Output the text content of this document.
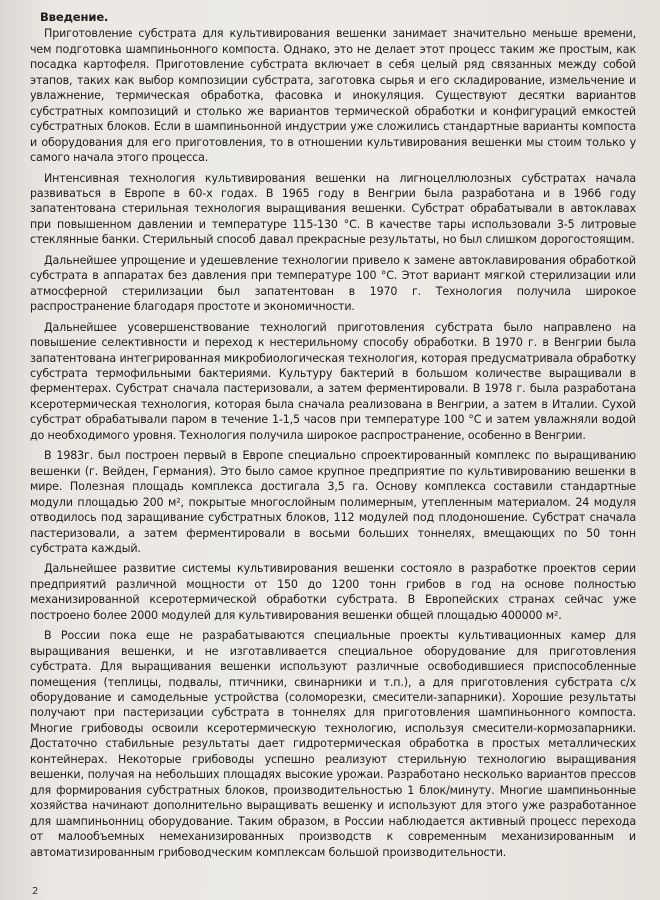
Введение.

Приготовление субстрата для культивирования вешенки занимает значительно меньше времени, чем подготовка шампиньонного компоста. Однако, это не делает этот процесс таким же простым, как посадка картофеля. Приготовление субстрата включает в себя целый ряд связанных между собой этапов, таких как выбор композиции субстрата, заготовка сырья и его складирование, измельчение и увлажнение, термическая обработка, фасовка и инокуляция. Существуют десятки вариантов субстратных композиций и столько же вариантов термической обработки и конфигураций емкостей субстратных блоков. Если в шампиньонной индустрии уже сложились стандартные варианты компоста и оборудования для его приготовления, то в отношении культивирования вешенки мы стоим только у самого начала этого процесса.

Интенсивная технология культивирования вешенки на лигноцеллюлозных субстратах начала развиваться в Европе в 60-х годах. В 1965 году в Венгрии была разработана и в 1966 году запатентована стерильная технология выращивания вешенки. Субстрат обрабатывали в автоклавах при повышенном давлении и температуре 115-130 °С. В качестве тары использовали 3-5 литровые стеклянные банки. Стерильный способ давал прекрасные результаты, но был слишком дорогостоящим.

Дальнейшее упрощение и удешевление технологии привело к замене автоклавирования обработкой субстрата в аппаратах без давления при температуре 100 °С. Этот вариант мягкой стерилизации или атмосферной стерилизации был запатентован в 1970 г. Технология получила широкое распространение благодаря простоте и экономичности.

Дальнейшее усовершенствование технологий приготовления субстрата было направлено на повышение селективности и переход к нестерильному способу обработки. В 1970 г. в Венгрии была запатентована интегрированная микробиологическая технология, которая предусматривала обработку субстрата термофильными бактериями. Культуру бактерий в большом количестве выращивали в ферментерах. Субстрат сначала пастеризовали, а затем ферментировали. В 1978 г. была разработана ксеротермическая технология, которая была сначала реализована в Венгрии, а затем в Италии. Сухой субстрат обрабатывали паром в течение 1-1,5 часов при температуре 100 °С и затем увлажняли водой до необходимого уровня. Технология получила широкое распространение, особенно в Венгрии.

В 1983г. был построен первый в Европе специально спроектированный комплекс по выращиванию вешенки (г. Вейден, Германия). Это было самое крупное предприятие по культивированию вешенки в мире. Полезная площадь комплекса достигала 3,5 га. Основу комплекса составили стандартные модули площадью 200 м², покрытые многослойным полимерным, утепленным материалом. 24 модуля отводилось под заращивание субстратных блоков, 112 модулей под плодоношение. Субстрат сначала пастеризовали, а затем ферментировали в восьми больших тоннелях, вмещающих по 50 тонн субстрата каждый.

Дальнейшее развитие системы культивирования вешенки состояло в разработке проектов серии предприятий различной мощности от 150 до 1200 тонн грибов в год на основе полностью механизированной ксеротермической обработки субстрата. В Европейских странах сейчас уже построено более 2000 модулей для культивирования вешенки общей площадью 400000 м².

В России пока еще не разрабатываются специальные проекты культивационных камер для выращивания вешенки, и не изготавливается специальное оборудование для приготовления субстрата. Для выращивания вешенки используют различные освободившиеся приспособленные помещения (теплицы, подвалы, птичники, свинарники и т.п.), а для приготовления субстрата с/х оборудование и самодельные устройства (соломорезки, смесители-запарники). Хорошие результаты получают при пастеризации субстрата в тоннелях для приготовления шампиньонного компоста. Многие грибоводы освоили ксеротермическую технологию, используя смесители-кормозапарники. Достаточно стабильные результаты дает гидротермическая обработка в простых металлических контейнерах. Некоторые грибоводы успешно реализуют стерильную технологию выращивания вешенки, получая на небольших площадях высокие урожаи. Разработано несколько вариантов прессов для формирования субстратных блоков, производительностью 1 блок/минуту. Многие шампиньонные хозяйства начинают дополнительно выращивать вешенку и используют для этого уже разработанное для шампиньонниц оборудование. Таким образом, в России наблюдается активный процесс перехода от малообъемных немеханизированных производств к современным механизированным и автоматизированным грибоводческим комплексам большой производительности.

2
